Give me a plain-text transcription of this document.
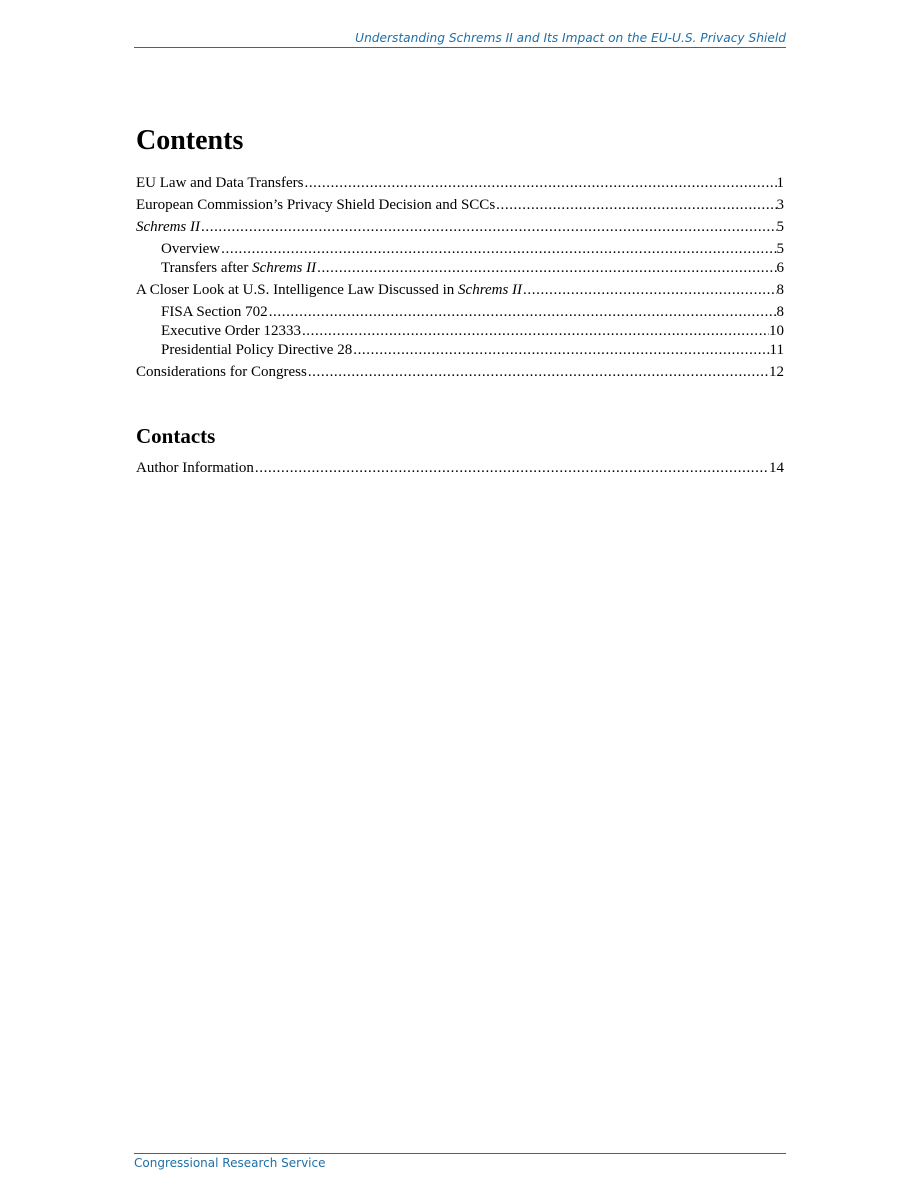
Understanding Schrems II and Its Impact on the EU-U.S. Privacy Shield
Contents
EU Law and Data Transfers .....	1
European Commission’s Privacy Shield Decision and SCCs .....	3
Schrems II .....	5
Overview .....	5
Transfers after Schrems II .....	6
A Closer Look at U.S. Intelligence Law Discussed in Schrems II .....	8
FISA Section 702 .....	8
Executive Order 12333 .....	10
Presidential Policy Directive 28 .....	11
Considerations for Congress .....	12
Contacts
Author Information .....	14
Congressional Research Service
